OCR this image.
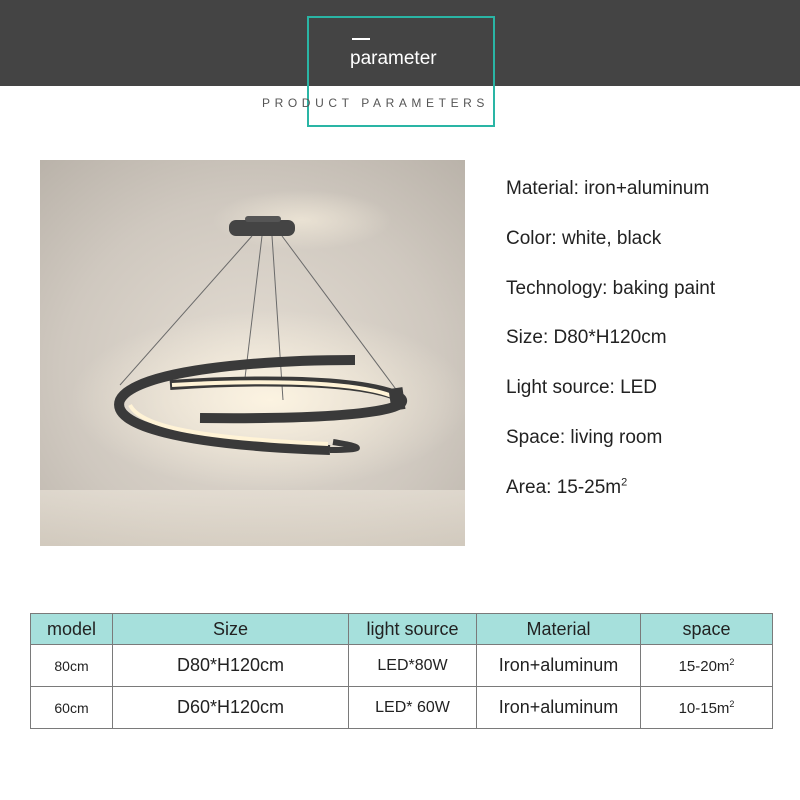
parameter
PRODUCT PARAMETERS
Material: iron+aluminum
Color: white, black
Technology: baking paint
Size: D80*H120cm
Light source: LED
Space: living room
Area: $15-25m^2$
model	Size	light source	Material	space
80cm	D80*H120cm	LED*80W	Iron+aluminum	$15-20m^2$
60cm	D60*H120cm	LED* 60W	Iron+aluminum	$10-15m^2$
